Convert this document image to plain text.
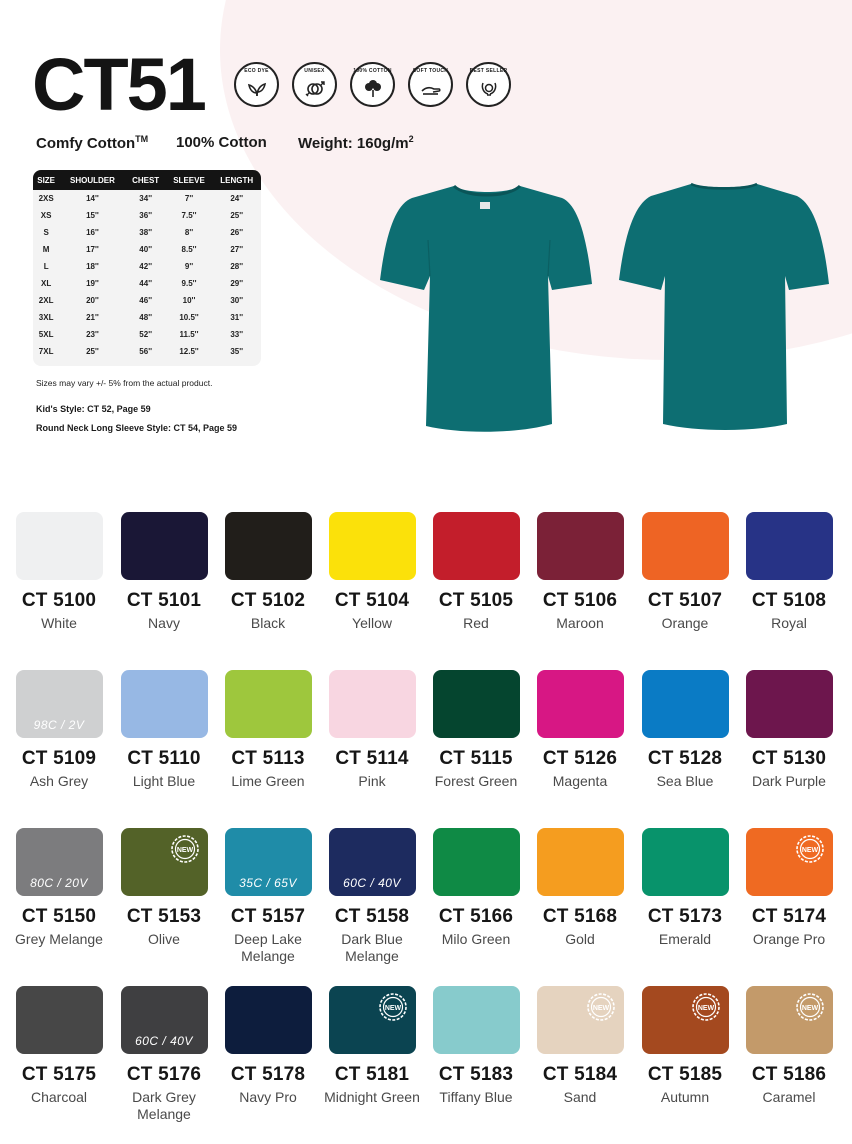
CT51	ECO DYE	UNISEX	100% COTTON	SOFT TOUCH	BEST SELLER
Comfy Cotton™	100% Cotton	Weight: $160g/m^2$
SIZE	SHOULDER	CHEST	SLEEVE	LENGTH
2XS	14''	34''	7''	24''
XS	15''	36''	7.5''	25''
S	16''	38''	8''	26''
M	17''	40''	8.5''	27''
L	18''	42''	9''	28''
XL	19''	44''	9.5''	29''
2XL	20''	46''	10''	30''
3XL	21''	48''	10.5''	31''
5XL	23''	52''	11.5''	33''
7XL	25''	56''	12.5''	35''
Sizes may vary +/- 5% from the actual product.
Kid's Style: CT 52, Page 59
Round Neck Long Sleeve Style: CT 54, Page 59
CT 5100
White
CT 5101
Navy
CT 5102
Black
CT 5104
Yellow
CT 5105
Red
CT 5106
Maroon
CT 5107
Orange
CT 5108
Royal
98C / 2V
CT 5109
Ash Grey
CT 5110
Light Blue
CT 5113
Lime Green
CT 5114
Pink
CT 5115
Forest Green
CT 5126
Magenta
CT 5128
Sea Blue
CT 5130
Dark Purple
80C / 20V
CT 5150
Grey Melange
NEW
CT 5153
Olive
35C / 65V
CT 5157
Deep Lake Melange
60C / 40V
CT 5158
Dark Blue Melange
CT 5166
Milo Green
CT 5168
Gold
CT 5173
Emerald
NEW
CT 5174
Orange Pro
CT 5175
Charcoal
60C / 40V
CT 5176
Dark Grey Melange
CT 5178
Navy Pro
NEW
CT 5181
Midnight Green
CT 5183
Tiffany Blue
NEW
CT 5184
Sand
NEW
CT 5185
Autumn
NEW
CT 5186
Caramel
